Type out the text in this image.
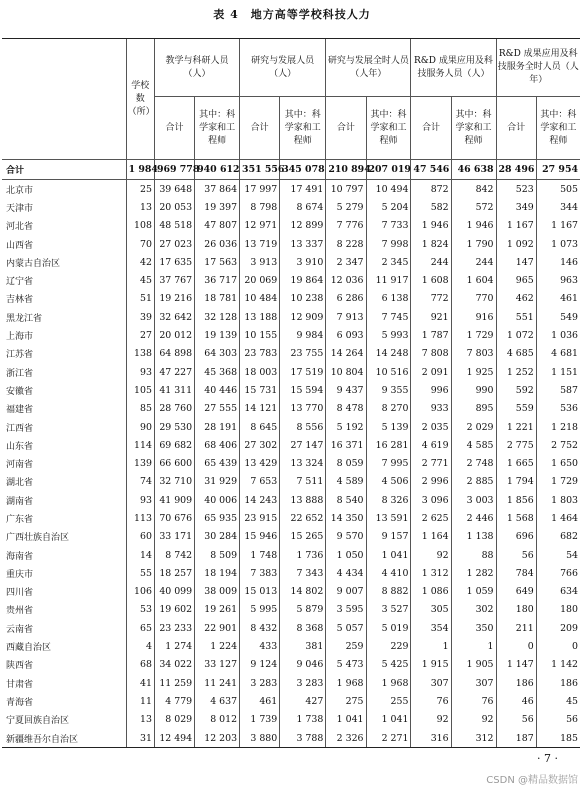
表 4　地方高等学校科技人力
	学校数（所）	教学与科研人员（人）		研究与发展人员（人）		研究与发展全时人员（人年）		R&D 成果应用及科技服务人员（人）		R&D 成果应用及科技服务全时人员（人年）	
		合计	其中：科学家和工程师	合计	其中：科学家和工程师	合计	其中：科学家和工程师	合计	其中：科学家和工程师	合计	其中：科学家和工程师
合计	1 984	969 778	940 612	351 556	345 078	210 894	207 019	47 546	46 638	28 496	27 954
北京市	25	39 648	37 864	17 997	17 491	10 797	10 494	872	842	523	505
天津市	13	20 053	19 397	8 798	8 674	5 279	5 204	582	572	349	344
河北省	108	48 518	47 807	12 971	12 899	7 776	7 733	1 946	1 946	1 167	1 167
山西省	70	27 023	26 036	13 719	13 337	8 228	7 998	1 824	1 790	1 092	1 073
内蒙古自治区	42	17 635	17 563	3 913	3 910	2 347	2 345	244	244	147	146
辽宁省	45	37 767	36 717	20 069	19 864	12 036	11 917	1 608	1 604	965	963
吉林省	51	19 216	18 781	10 484	10 238	6 286	6 138	772	770	462	461
黑龙江省	39	32 642	32 128	13 188	12 909	7 913	7 745	921	916	551	549
上海市	27	20 012	19 139	10 155	9 984	6 093	5 993	1 787	1 729	1 072	1 036
江苏省	138	64 898	64 303	23 783	23 755	14 264	14 248	7 808	7 803	4 685	4 681
浙江省	93	47 227	45 368	18 003	17 519	10 804	10 516	2 091	1 925	1 252	1 151
安徽省	105	41 311	40 446	15 731	15 594	9 437	9 355	996	990	592	587
福建省	85	28 760	27 555	14 121	13 770	8 478	8 270	933	895	559	536
江西省	90	29 530	28 191	8 645	8 556	5 192	5 139	2 035	2 029	1 221	1 218
山东省	114	69 682	68 406	27 302	27 147	16 371	16 281	4 619	4 585	2 775	2 752
河南省	139	66 600	65 439	13 429	13 324	8 059	7 995	2 771	2 748	1 665	1 650
湖北省	74	32 710	31 929	7 653	7 511	4 589	4 506	2 996	2 885	1 794	1 729
湖南省	93	41 909	40 006	14 243	13 888	8 540	8 326	3 096	3 003	1 856	1 803
广东省	113	70 676	65 935	23 915	22 652	14 350	13 591	2 625	2 446	1 568	1 464
广西壮族自治区	60	33 171	30 284	15 946	15 265	9 570	9 157	1 164	1 138	696	682
海南省	14	8 742	8 509	1 748	1 736	1 050	1 041	92	88	56	54
重庆市	55	18 257	18 194	7 383	7 343	4 434	4 410	1 312	1 282	784	766
四川省	106	40 099	38 009	15 013	14 802	9 007	8 882	1 086	1 059	649	634
贵州省	53	19 602	19 261	5 995	5 879	3 595	3 527	305	302	180	180
云南省	65	23 233	22 901	8 432	8 368	5 057	5 019	354	350	211	209
西藏自治区	4	1 274	1 224	433	381	259	229	1	1	0	0
陕西省	68	34 022	33 127	9 124	9 046	5 473	5 425	1 915	1 905	1 147	1 142
甘肃省	41	11 259	11 241	3 283	3 283	1 968	1 968	307	307	186	186
青海省	11	4 779	4 637	461	427	275	255	76	76	46	45
宁夏回族自治区	13	8 029	8 012	1 739	1 738	1 041	1 041	92	92	56	56
新疆维吾尔自治区	31	12 494	12 203	3 880	3 788	2 326	2 271	316	312	187	185
· 7 ·
CSDN @精品数据馆
